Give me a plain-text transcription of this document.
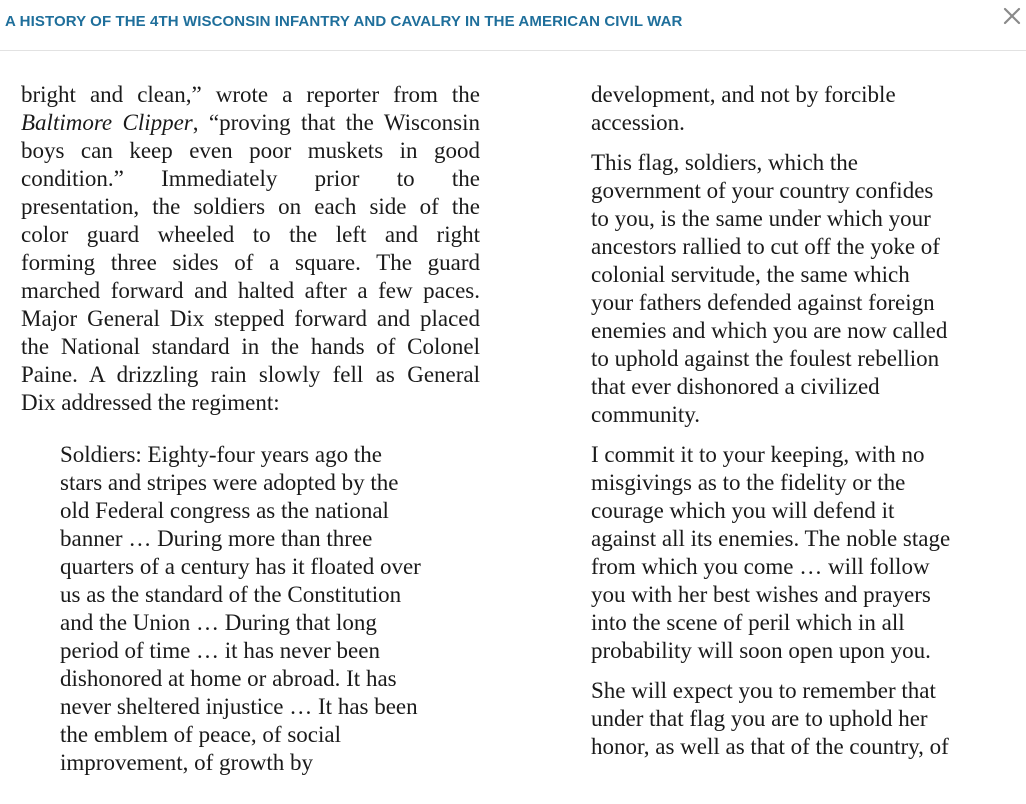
A HISTORY OF THE 4TH WISCONSIN INFANTRY AND CAVALRY IN THE AMERICAN CIVIL WAR
bright and clean,” wrote a reporter from the
Baltimore Clipper, “proving that the Wisconsin
boys can keep even poor muskets in good
condition.” Immediately prior to the
presentation, the soldiers on each side of the
color guard wheeled to the left and right
forming three sides of a square. The guard
marched forward and halted after a few paces.
Major General Dix stepped forward and placed
the National standard in the hands of Colonel
Paine. A drizzling rain slowly fell as General
Dix addressed the regiment:
Soldiers: Eighty-four years ago the
stars and stripes were adopted by the
old Federal congress as the national
banner … During more than three
quarters of a century has it floated over
us as the standard of the Constitution
and the Union … During that long
period of time … it has never been
dishonored at home or abroad. It has
never sheltered injustice … It has been
the emblem of peace, of social
improvement, of growth by
development, and not by forcible
accession.
This flag, soldiers, which the
government of your country confides
to you, is the same under which your
ancestors rallied to cut off the yoke of
colonial servitude, the same which
your fathers defended against foreign
enemies and which you are now called
to uphold against the foulest rebellion
that ever dishonored a civilized
community.
I commit it to your keeping, with no
misgivings as to the fidelity or the
courage which you will defend it
against all its enemies. The noble stage
from which you come … will follow
you with her best wishes and prayers
into the scene of peril which in all
probability will soon open upon you.
She will expect you to remember that
under that flag you are to uphold her
honor, as well as that of the country, of
